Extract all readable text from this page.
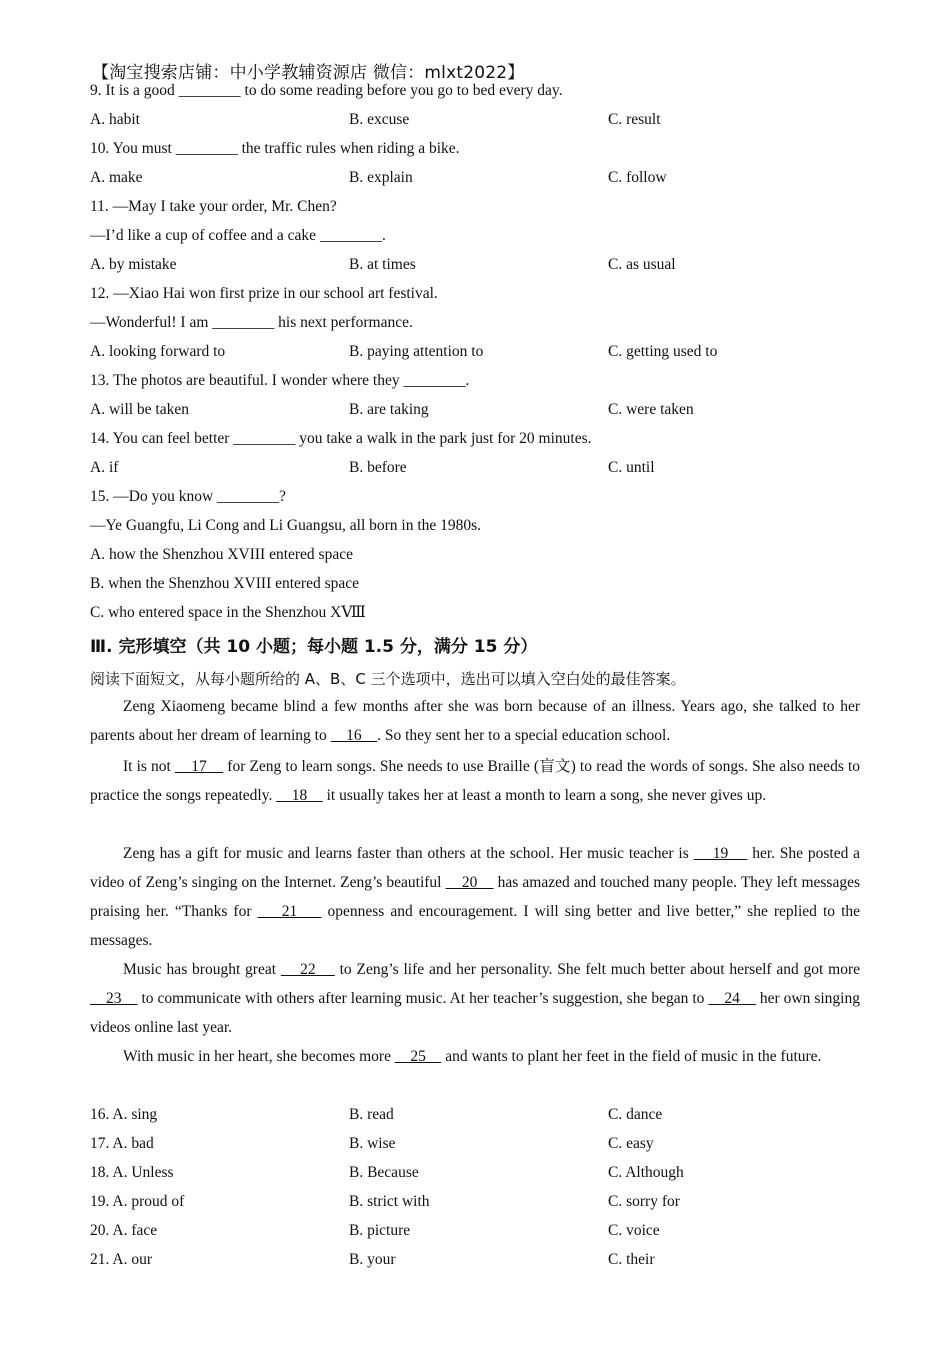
【淘宝搜索店铺：中小学教辅资源店 微信：mlxt2022】
9. It is a good ________ to do some reading before you go to bed every day.
A. habit	B. excuse	C. result
10. You must ________ the traffic rules when riding a bike.
A. make	B. explain	C. follow
11. —May I take your order, Mr. Chen?
—I’d like a cup of coffee and a cake ________.
A. by mistake	B. at times	C. as usual
12. —Xiao Hai won first prize in our school art festival.
—Wonderful! I am ________ his next performance.
A. looking forward to	B. paying attention to	C. getting used to
13. The photos are beautiful. I wonder where they ________.
A. will be taken	B. are taking	C. were taken
14. You can feel better ________ you take a walk in the park just for 20 minutes.
A. if	B. before	C. until
15. —Do you know ________?
—Ye Guangfu, Li Cong and Li Guangsu, all born in the 1980s.
A. how the Shenzhou XVIII entered space
B. when the Shenzhou XVIII entered space
C. who entered space in the Shenzhou XⅧ
Ⅲ. 完形填空（共 10 小题；每小题 1.5 分，满分 15 分）
阅读下面短文，从每小题所给的 A、B、C 三个选项中，选出可以填入空白处的最佳答案。
Zeng Xiaomeng became blind a few months after she was born because of an illness. Years ago, she talked to her parents about her dream of learning to     16    . So they sent her to a special education school.
It is not     17     for Zeng to learn songs. She needs to use Braille (盲文) to read the words of songs. She also needs to practice the songs repeatedly.     18     it usually takes her at least a month to learn a song, she never gives up.
Zeng has a gift for music and learns faster than others at the school. Her music teacher is     19     her. She posted a video of Zeng’s singing on the Internet. Zeng’s beautiful     20     has amazed and touched many people. They left messages praising her. “Thanks for     21     openness and encouragement. I will sing better and live better,” she replied to the messages.
Music has brought great     22     to Zeng’s life and her personality. She felt much better about herself and got more     23     to communicate with others after learning music. At her teacher’s suggestion, she began to     24     her own singing videos online last year.
With music in her heart, she becomes more     25     and wants to plant her feet in the field of music in the future.
16. A. sing	B. read	C. dance
17. A. bad	B. wise	C. easy
18. A. Unless	B. Because	C. Although
19. A. proud of	B. strict with	C. sorry for
20. A. face	B. picture	C. voice
21. A. our	B. your	C. their
